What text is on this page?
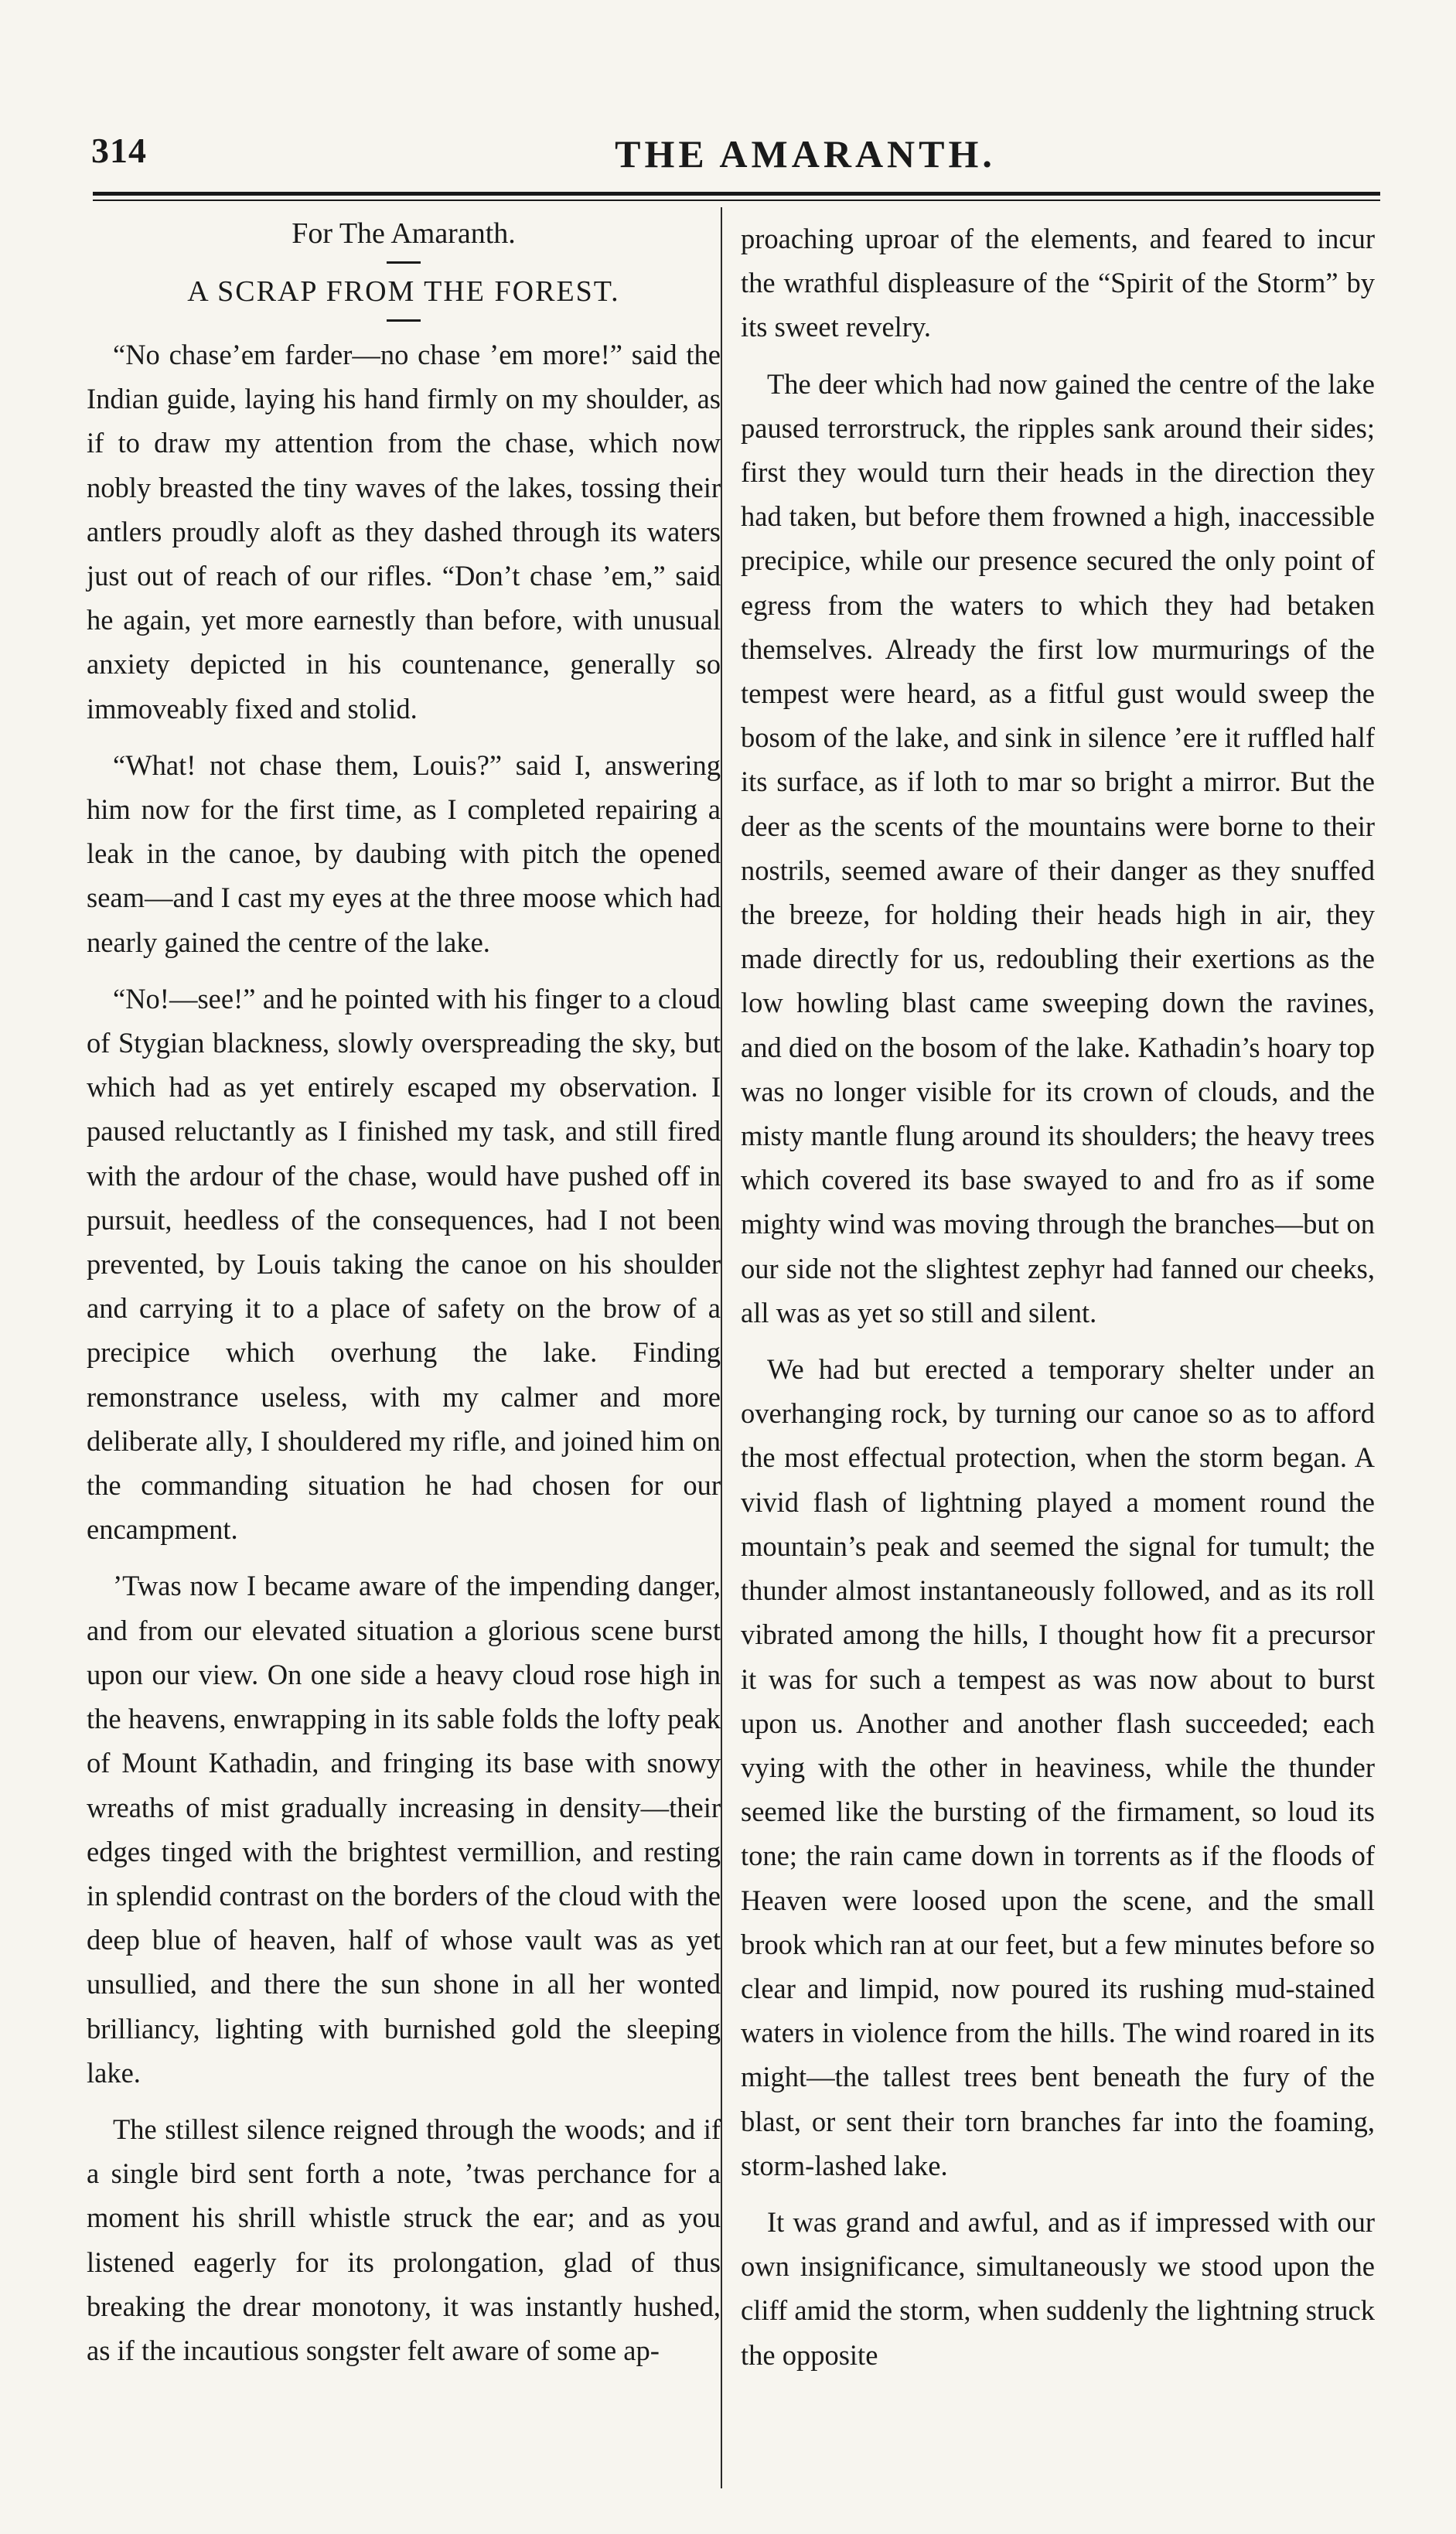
314	THE AMARANTH.

For The Amaranth.

A SCRAP FROM THE FOREST.

“No chase’em farder—no chase ’em more!” said the Indian guide, laying his hand firmly on my shoulder, as if to draw my attention from the chase, which now nobly breasted the tiny waves of the lakes, tossing their antlers proudly aloft as they dashed through its waters just out of reach of our rifles. “Don’t chase ’em,” said he again, yet more earnestly than before, with unusual anxiety depicted in his countenance, generally so immoveably fixed and stolid.

“What! not chase them, Louis?” said I, answering him now for the first time, as I completed repairing a leak in the canoe, by daubing with pitch the opened seam—and I cast my eyes at the three moose which had nearly gained the centre of the lake.

“No!—see!” and he pointed with his finger to a cloud of Stygian blackness, slowly overspreading the sky, but which had as yet entirely escaped my observation. I paused reluctantly as I finished my task, and still fired with the ardour of the chase, would have pushed off in pursuit, heedless of the consequences, had I not been prevented, by Louis taking the canoe on his shoulder and carrying it to a place of safety on the brow of a precipice which overhung the lake. Finding remonstrance useless, with my calmer and more deliberate ally, I shouldered my rifle, and joined him on the commanding situation he had chosen for our encampment.

’Twas now I became aware of the impending danger, and from our elevated situation a glorious scene burst upon our view. On one side a heavy cloud rose high in the heavens, enwrapping in its sable folds the lofty peak of Mount Kathadin, and fringing its base with snowy wreaths of mist gradually increasing in density—their edges tinged with the brightest vermillion, and resting in splendid contrast on the borders of the cloud with the deep blue of heaven, half of whose vault was as yet unsullied, and there the sun shone in all her wonted brilliancy, lighting with burnished gold the sleeping lake.

The stillest silence reigned through the woods; and if a single bird sent forth a note, ’twas perchance for a moment his shrill whistle struck the ear; and as you listened eagerly for its prolongation, glad of thus breaking the drear monotony, it was instantly hushed, as if the incautious songster felt aware of some ap-

proaching uproar of the elements, and feared to incur the wrathful displeasure of the “Spirit of the Storm” by its sweet revelry.

The deer which had now gained the centre of the lake paused terrorstruck, the ripples sank around their sides; first they would turn their heads in the direction they had taken, but before them frowned a high, inaccessible precipice, while our presence secured the only point of egress from the waters to which they had betaken themselves. Already the first low murmurings of the tempest were heard, as a fitful gust would sweep the bosom of the lake, and sink in silence ’ere it ruffled half its surface, as if loth to mar so bright a mirror. But the deer as the scents of the mountains were borne to their nostrils, seemed aware of their danger as they snuffed the breeze, for holding their heads high in air, they made directly for us, redoubling their exertions as the low howling blast came sweeping down the ravines, and died on the bosom of the lake. Kathadin’s hoary top was no longer visible for its crown of clouds, and the misty mantle flung around its shoulders; the heavy trees which covered its base swayed to and fro as if some mighty wind was moving through the branches—but on our side not the slightest zephyr had fanned our cheeks, all was as yet so still and silent.

We had but erected a temporary shelter under an overhanging rock, by turning our canoe so as to afford the most effectual protection, when the storm began. A vivid flash of lightning played a moment round the mountain’s peak and seemed the signal for tumult; the thunder almost instantaneously followed, and as its roll vibrated among the hills, I thought how fit a precursor it was for such a tempest as was now about to burst upon us. Another and another flash succeeded; each vying with the other in heaviness, while the thunder seemed like the bursting of the firmament, so loud its tone; the rain came down in torrents as if the floods of Heaven were loosed upon the scene, and the small brook which ran at our feet, but a few minutes before so clear and limpid, now poured its rushing mud-stained waters in violence from the hills. The wind roared in its might—the tallest trees bent beneath the fury of the blast, or sent their torn branches far into the foaming, storm-lashed lake.

It was grand and awful, and as if impressed with our own insignificance, simultaneously we stood upon the cliff amid the storm, when suddenly the lightning struck the opposite
